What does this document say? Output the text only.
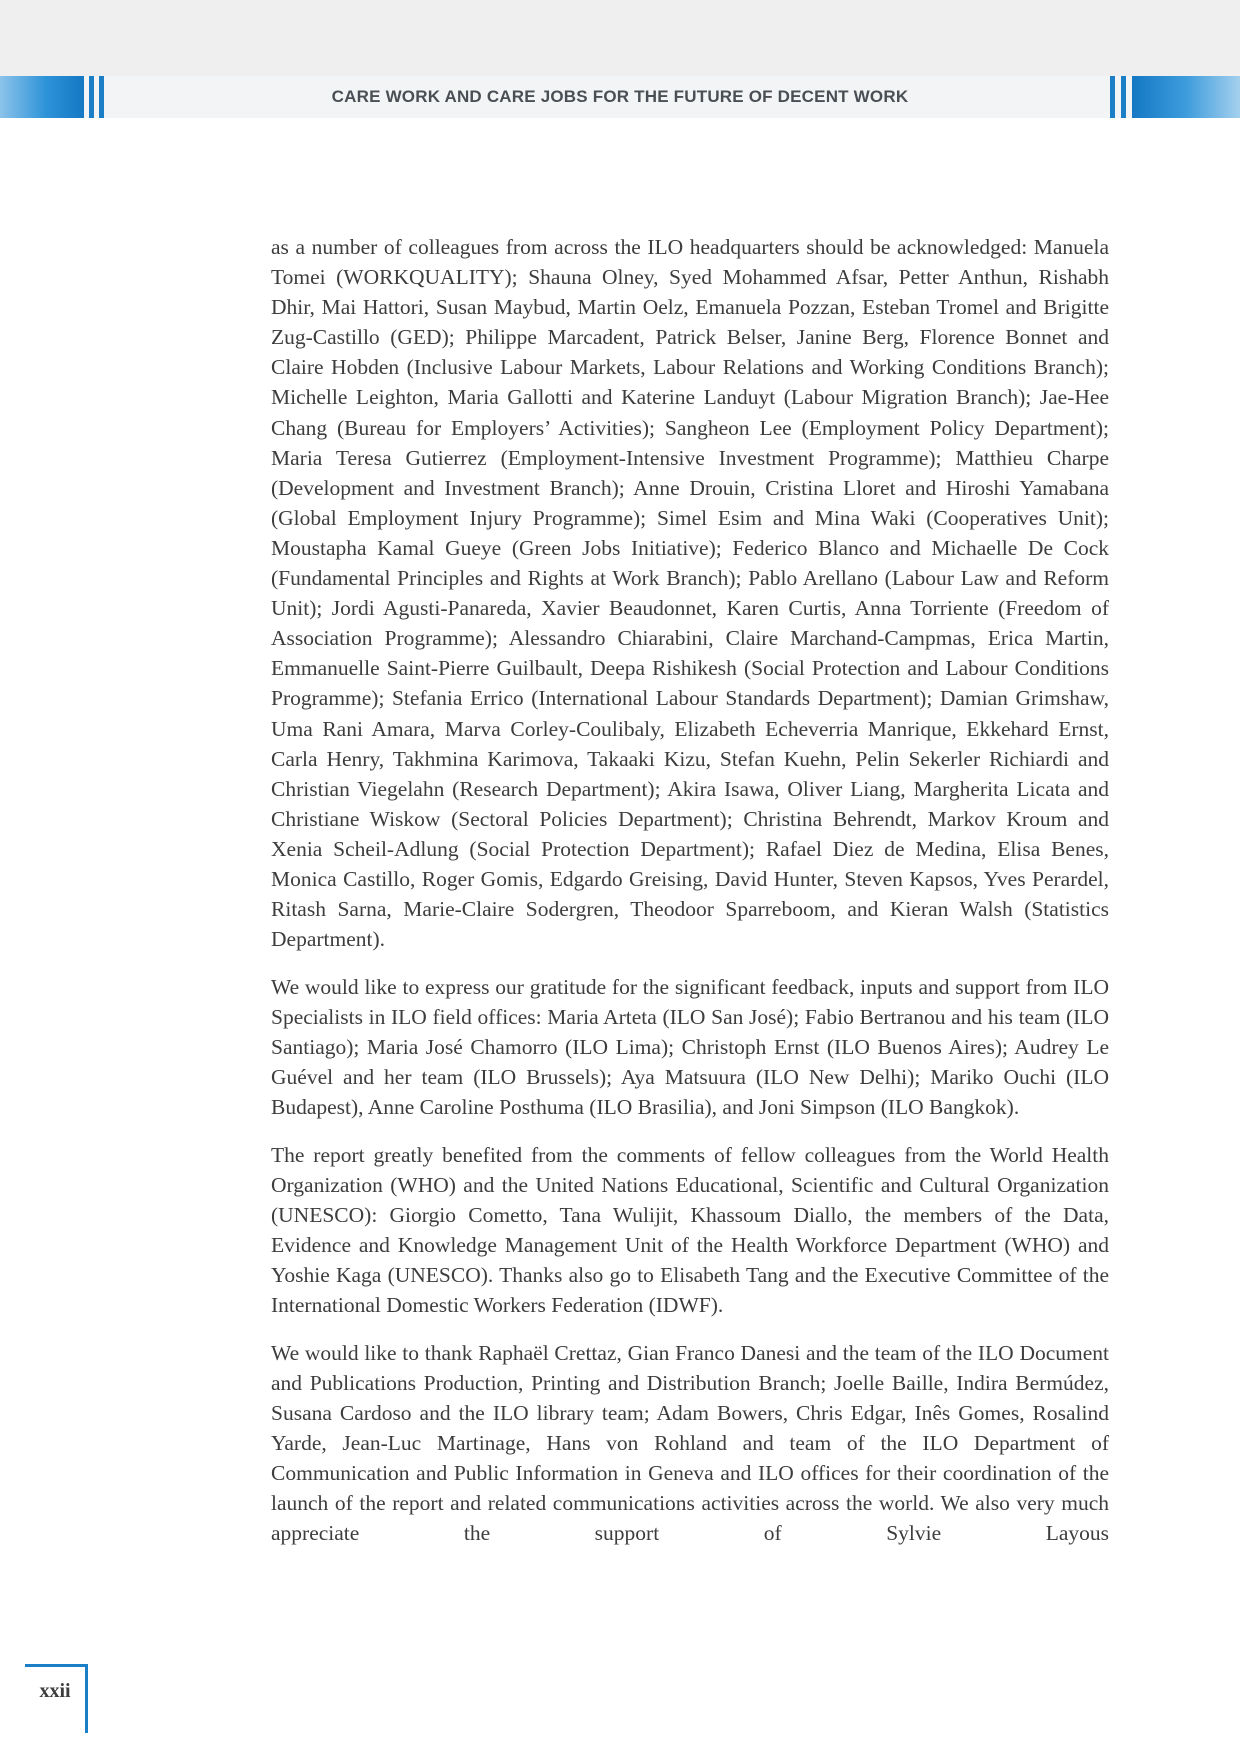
CARE WORK AND CARE JOBS FOR THE FUTURE OF DECENT WORK

as a number of colleagues from across the ILO headquarters should be acknowledged: Manuela Tomei (WORKQUALITY); Shauna Olney, Syed Mohammed Afsar, Petter Anthun, Rishabh Dhir, Mai Hattori, Susan Maybud, Martin Oelz, Emanuela Pozzan, Esteban Tromel and Brigitte Zug-Castillo (GED); Philippe Marcadent, Patrick Belser, Janine Berg, Florence Bonnet and Claire Hobden (Inclusive Labour Markets, Labour Relations and Working Conditions Branch); Michelle Leighton, Maria Gallotti and Katerine Landuyt (Labour Migration Branch); Jae-Hee Chang (Bureau for Employers’ Activities); Sangheon Lee (Employment Policy Department); Maria Teresa Gutierrez (Employment-Intensive Investment Programme); Matthieu Charpe (Development and Investment Branch); Anne Drouin, Cristina Lloret and Hiroshi Yamabana (Global Employment Injury Programme); Simel Esim and Mina Waki (Cooperatives Unit); Moustapha Kamal Gueye (Green Jobs Initiative); Federico Blanco and Michaelle De Cock (Fundamental Principles and Rights at Work Branch); Pablo Arellano (Labour Law and Reform Unit); Jordi Agusti-Panareda, Xavier Beaudonnet, Karen Curtis, Anna Torriente (Freedom of Association Programme); Alessandro Chiarabini, Claire Marchand-Campmas, Erica Martin, Emmanuelle Saint-Pierre Guilbault, Deepa Rishikesh (Social Protection and Labour Conditions Programme); Stefania Errico (International Labour Standards Department); Damian Grimshaw, Uma Rani Amara, Marva Corley-Coulibaly, Elizabeth Echeverria Manrique, Ekkehard Ernst, Carla Henry, Takhmina Karimova, Takaaki Kizu, Stefan Kuehn, Pelin Sekerler Richiardi and Christian Viegelahn (Research Department); Akira Isawa, Oliver Liang, Margherita Licata and Christiane Wiskow (Sectoral Policies Department); Christina Behrendt, Markov Kroum and Xenia Scheil-Adlung (Social Protection Department); Rafael Diez de Medina, Elisa Benes, Monica Castillo, Roger Gomis, Edgardo Greising, David Hunter, Steven Kapsos, Yves Perardel, Ritash Sarna, Marie-Claire Sodergren, Theodoor Sparreboom, and Kieran Walsh (Statistics Department).

We would like to express our gratitude for the significant feedback, inputs and support from ILO Specialists in ILO field offices: Maria Arteta (ILO San José); Fabio Bertranou and his team (ILO Santiago); Maria José Chamorro (ILO Lima); Christoph Ernst (ILO Buenos Aires); Audrey Le Guével and her team (ILO Brussels); Aya Matsuura (ILO New Delhi); Mariko Ouchi (ILO Budapest), Anne Caroline Posthuma (ILO Brasilia), and Joni Simpson (ILO Bangkok).

The report greatly benefited from the comments of fellow colleagues from the World Health Organization (WHO) and the United Nations Educational, Scientific and Cultural Organization (UNESCO): Giorgio Cometto, Tana Wulijit, Khassoum Diallo, the members of the Data, Evidence and Knowledge Management Unit of the Health Workforce Department (WHO) and Yoshie Kaga (UNESCO). Thanks also go to Elisabeth Tang and the Executive Committee of the International Domestic Workers Federation (IDWF).

We would like to thank Raphaël Crettaz, Gian Franco Danesi and the team of the ILO Document and Publications Production, Printing and Distribution Branch; Joelle Baille, Indira Bermúdez, Susana Cardoso and the ILO library team; Adam Bowers, Chris Edgar, Inês Gomes, Rosalind Yarde, Jean-Luc Martinage, Hans von Rohland and team of the ILO Department of Communication and Public Information in Geneva and ILO offices for their coordination of the launch of the report and related communications activities across the world. We also very much appreciate the support of Sylvie Layous

xxii
